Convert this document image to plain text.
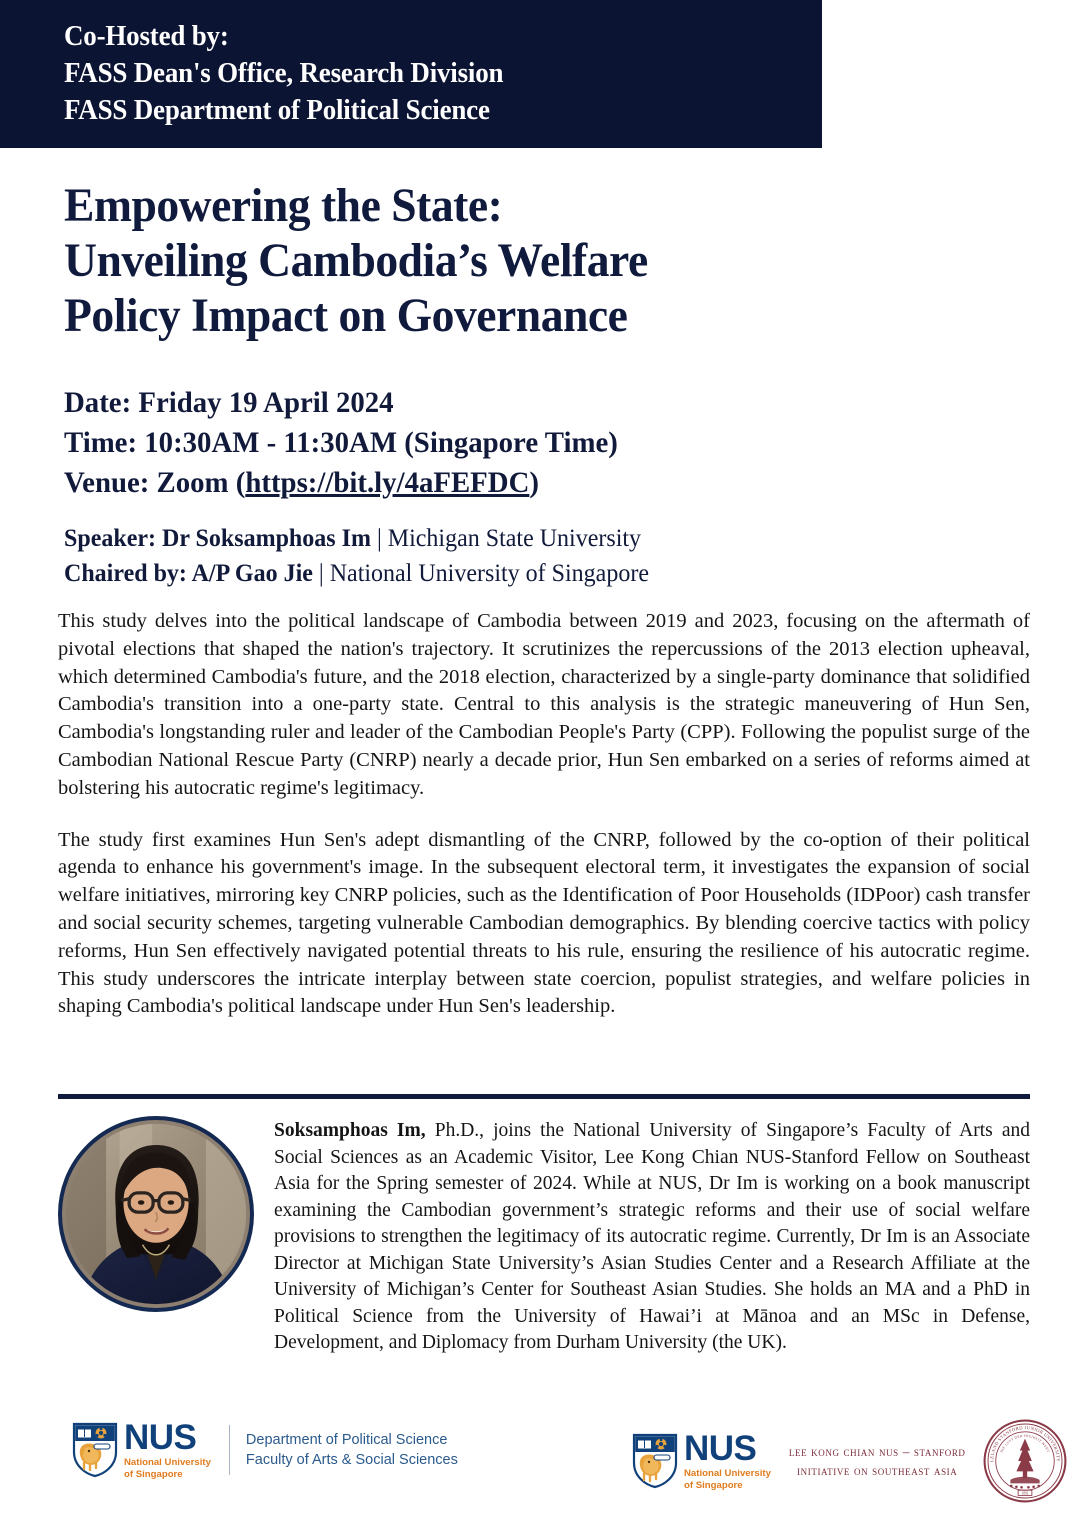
Co-Hosted by:
FASS Dean's Office, Research Division
FASS Department of Political Science
Empowering the State:
Unveiling Cambodia’s Welfare
Policy Impact on Governance
Date: Friday 19 April 2024
Time: 10:30AM - 11:30AM (Singapore Time)
Venue: Zoom (https://bit.ly/4aFEFDC)
Speaker: Dr Soksamphoas Im | Michigan State University
Chaired by: A/P Gao Jie | National University of Singapore

This study delves into the political landscape of Cambodia between 2019 and 2023, focusing on the aftermath of pivotal elections that shaped the nation's trajectory. It scrutinizes the repercussions of the 2013 election upheaval, which determined Cambodia's future, and the 2018 election, characterized by a single-party dominance that solidified Cambodia's transition into a one-party state. Central to this analysis is the strategic maneuvering of Hun Sen, Cambodia's longstanding ruler and leader of the Cambodian People's Party (CPP). Following the populist surge of the Cambodian National Rescue Party (CNRP) nearly a decade prior, Hun Sen embarked on a series of reforms aimed at bolstering his autocratic regime's legitimacy.

The study first examines Hun Sen's adept dismantling of the CNRP, followed by the co-option of their political agenda to enhance his government's image. In the subsequent electoral term, it investigates the expansion of social welfare initiatives, mirroring key CNRP policies, such as the Identification of Poor Households (IDPoor) cash transfer and social security schemes, targeting vulnerable Cambodian demographics. By blending coercive tactics with policy reforms, Hun Sen effectively navigated potential threats to his rule, ensuring the resilience of his autocratic regime. This study underscores the intricate interplay between state coercion, populist strategies, and welfare policies in shaping Cambodia's political landscape under Hun Sen's leadership.

Soksamphoas Im, Ph.D., joins the National University of Singapore’s Faculty of Arts and Social Sciences as an Academic Visitor, Lee Kong Chian NUS-Stanford Fellow on Southeast Asia for the Spring semester of 2024. While at NUS, Dr Im is working on a book manuscript examining the Cambodian government’s strategic reforms and their use of social welfare provisions to strengthen the legitimacy of its autocratic regime. Currently, Dr Im is an Associate Director at Michigan State University’s Asian Studies Center and a Research Affiliate at the University of Michigan’s Center for Southeast Asian Studies. She holds an MA and a PhD in Political Science from the University of Hawai’i at Mānoa and an MSc in Defense, Development, and Diplomacy from Durham University (the UK).
NUS
National University
of Singapore
Department of Political Science
Faculty of Arts & Social Sciences	NUS
National University
of Singapore
lee kong chian nus – stanford
initiative on southeast asia
LELAND STANFORD JUNIOR UNIVERSITY
DIE LUFT DER FREIHEIT WEHT
1891
